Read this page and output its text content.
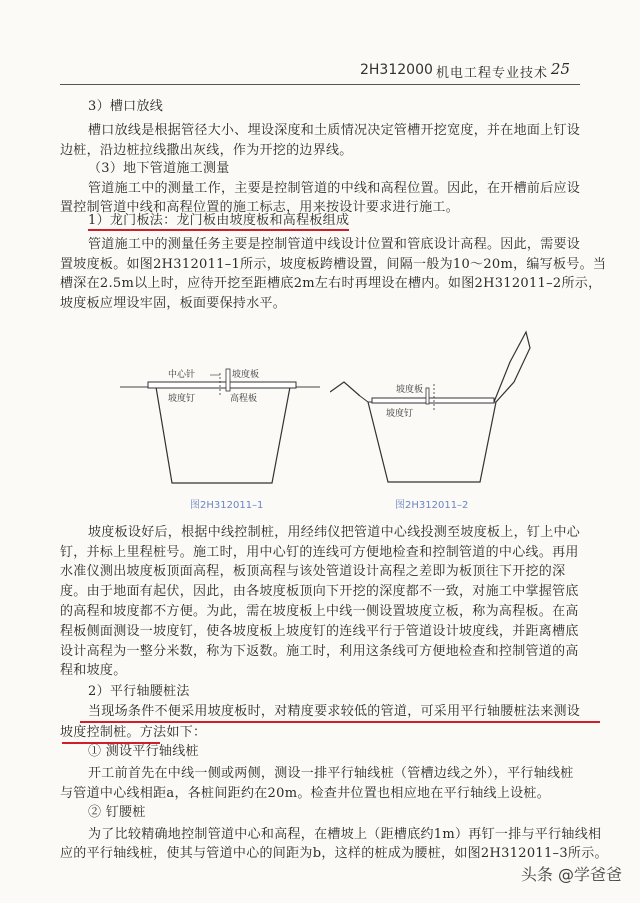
2H312000 机电工程专业技术 25
3）槽口放线
槽口放线是根据管径大小、埋设深度和土质情况决定管槽开挖宽度，并在地面上钉设
边桩，沿边桩拉线撒出灰线，作为开挖的边界线。
（3）地下管道施工测量
管道施工中的测量工作，主要是控制管道的中线和高程位置。因此，在开槽前后应设
置控制管道中线和高程位置的施工标志，用来按设计要求进行施工。
1）龙门板法：龙门板由坡度板和高程板组成
管道施工中的测量任务主要是控制管道中线设计位置和管底设计高程。因此，需要设
置坡度板。如图2H312011–1所示，坡度板跨槽设置，间隔一般为10～20m，编写板号。当
槽深在2.5m以上时，应待开挖至距槽底2m左右时再埋设在槽内。如图2H312011–2所示，
坡度板应埋设牢固，板面要保持水平。
中心针	坡度板
坡度钉	高程板
图2H312011–1
坡度板
坡度钉
图2H312011–2
坡度板设好后，根据中线控制桩，用经纬仪把管道中心线投测至坡度板上，钉上中心
钉，并标上里程桩号。施工时，用中心钉的连线可方便地检查和控制管道的中心线。再用
水准仪测出坡度板顶面高程，板顶高程与该处管道设计高程之差即为板顶往下开挖的深
度。由于地面有起伏，因此，由各坡度板顶向下开挖的深度都不一致，对施工中掌握管底
的高程和坡度都不方便。为此，需在坡度板上中线一侧设置坡度立板，称为高程板。在高
程板侧面测设一坡度钉，使各坡度板上坡度钉的连线平行于管道设计坡度线，并距离槽底
设计高程为一整分米数，称为下返数。施工时，利用这条线可方便地检查和控制管道的高
程和坡度。
2）平行轴腰桩法
当现场条件不便采用坡度板时，对精度要求较低的管道，可采用平行轴腰桩法来测设
坡度控制桩。方法如下：
① 测设平行轴线桩
开工前首先在中线一侧或两侧，测设一排平行轴线桩（管槽边线之外），平行轴线桩
与管道中心线相距a，各桩间距约在20m。检查井位置也相应地在平行轴线上设桩。
② 钉腰桩
为了比较精确地控制管道中心和高程，在槽坡上（距槽底约1m）再钉一排与平行轴线相
应的平行轴线桩，使其与管道中心的间距为b，这样的桩成为腰桩，如图2H312011–3所示。
头条 @学爸爸
